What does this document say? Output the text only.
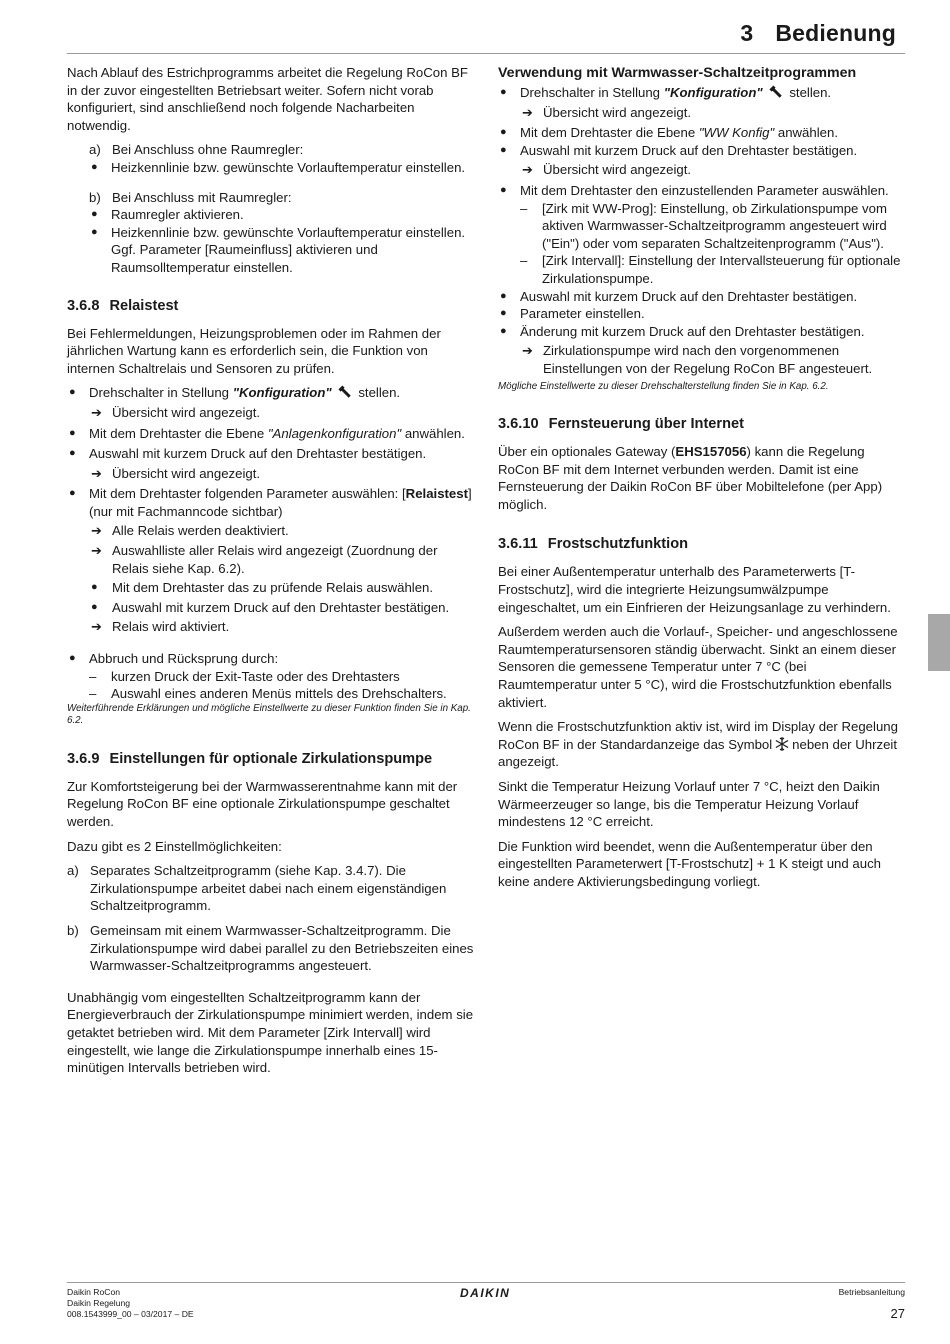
3 Bedienung

Nach Ablauf des Estrichprogramms arbeitet die Regelung RoCon BF in der zuvor eingestellten Betriebsart weiter. Sofern nicht vorab konfiguriert, sind anschließend noch folgende Nacharbeiten notwendig.

a) Bei Anschluss ohne Raumregler:
● Heizkennlinie bzw. gewünschte Vorlauftemperatur einstellen.
b) Bei Anschluss mit Raumregler:
● Raumregler aktivieren.
● Heizkennlinie bzw. gewünschte Vorlauftemperatur einstellen. Ggf. Parameter [Raumeinfluss] aktivieren und Raumsolltemperatur einstellen.
3.6.8 Relaistest

Bei Fehlermeldungen, Heizungsproblemen oder im Rahmen der jährlichen Wartung kann es erforderlich sein, die Funktion von internen Schaltrelais und Sensoren zu prüfen.

● Drehschalter in Stellung "Konfiguration" stellen.
➔ Übersicht wird angezeigt.
● Mit dem Drehtaster die Ebene "Anlagenkonfiguration" anwählen.
● Auswahl mit kurzem Druck auf den Drehtaster bestätigen.
➔ Übersicht wird angezeigt.
● Mit dem Drehtaster folgenden Parameter auswählen: [Relaistest] (nur mit Fachmanncode sichtbar)
➔ Alle Relais werden deaktiviert.
➔ Auswahlliste aller Relais wird angezeigt (Zuordnung der Relais siehe Kap. 6.2).
● Mit dem Drehtaster das zu prüfende Relais auswählen.
● Auswahl mit kurzem Druck auf den Drehtaster bestätigen.
➔ Relais wird aktiviert.
● Abbruch und Rücksprung durch:
– kurzen Druck der Exit-Taste oder des Drehtasters
– Auswahl eines anderen Menüs mittels des Drehschalters.
Weiterführende Erklärungen und mögliche Einstellwerte zu dieser Funktion finden Sie in Kap. 6.2.
3.6.9 Einstellungen für optionale Zirkulationspumpe

Zur Komfortsteigerung bei der Warmwasserentnahme kann mit der Regelung RoCon BF eine optionale Zirkulationspumpe geschaltet werden.

Dazu gibt es 2 Einstellmöglichkeiten:

a) Separates Schaltzeitprogramm (siehe Kap. 3.4.7). Die Zirkulationspumpe arbeitet dabei nach einem eigenständigen Schaltzeitprogramm.
b) Gemeinsam mit einem Warmwasser-Schaltzeitprogramm. Die Zirkulationspumpe wird dabei parallel zu den Betriebszeiten eines Warmwasser-Schaltzeitprogramms angesteuert.

Unabhängig vom eingestellten Schaltzeitprogramm kann der Energieverbrauch der Zirkulationspumpe minimiert werden, indem sie getaktet betrieben wird. Mit dem Parameter [Zirk Intervall] wird eingestellt, wie lange die Zirkulationspumpe innerhalb eines 15-minütigen Intervalls betrieben wird.

Verwendung mit Warmwasser-Schaltzeitprogrammen
● Drehschalter in Stellung "Konfiguration" stellen.
➔ Übersicht wird angezeigt.
● Mit dem Drehtaster die Ebene "WW Konfig" anwählen.
● Auswahl mit kurzem Druck auf den Drehtaster bestätigen.
➔ Übersicht wird angezeigt.
● Mit dem Drehtaster den einzustellenden Parameter auswählen.
– [Zirk mit WW-Prog]: Einstellung, ob Zirkulationspumpe vom aktiven Warmwasser-Schaltzeitprogramm angesteuert wird ("Ein") oder vom separaten Schaltzeitenprogramm ("Aus").
– [Zirk Intervall]: Einstellung der Intervallsteuerung für optionale Zirkulationspumpe.
● Auswahl mit kurzem Druck auf den Drehtaster bestätigen.
● Parameter einstellen.
● Änderung mit kurzem Druck auf den Drehtaster bestätigen.
➔ Zirkulationspumpe wird nach den vorgenommenen Einstellungen von der Regelung RoCon BF angesteuert.
Mögliche Einstellwerte zu dieser Drehschalterstellung finden Sie in Kap. 6.2.
3.6.10 Fernsteuerung über Internet

Über ein optionales Gateway (EHS157056) kann die Regelung RoCon BF mit dem Internet verbunden werden. Damit ist eine Fernsteuerung der Daikin RoCon BF über Mobiltelefone (per App) möglich.

3.6.11 Frostschutzfunktion

Bei einer Außentemperatur unterhalb des Parameterwerts [T-Frostschutz], wird die integrierte Heizungsumwälzpumpe eingeschaltet, um ein Einfrieren der Heizungsanlage zu verhindern.

Außerdem werden auch die Vorlauf-, Speicher- und angeschlossene Raumtemperatursensoren ständig überwacht. Sinkt an einem dieser Sensoren die gemessene Temperatur unter 7 °C (bei Raumtemperatur unter 5 °C), wird die Frostschutzfunktion ebenfalls aktiviert.

Wenn die Frostschutzfunktion aktiv ist, wird im Display der Regelung RoCon BF in der Standardanzeige das Symbol neben der Uhrzeit angezeigt.

Sinkt die Temperatur Heizung Vorlauf unter 7 °C, heizt den Daikin Wärmeerzeuger so lange, bis die Temperatur Heizung Vorlauf mindestens 12 °C erreicht.

Die Funktion wird beendet, wenn die Außentemperatur über den eingestellten Parameterwert [T-Frostschutz] + 1 K steigt und auch keine andere Aktivierungsbedingung vorliegt.

Daikin RoCon
Daikin Regelung
008.1543999_00 – 03/2017 – DE
DAIKIN	Betriebsanleitung
27
